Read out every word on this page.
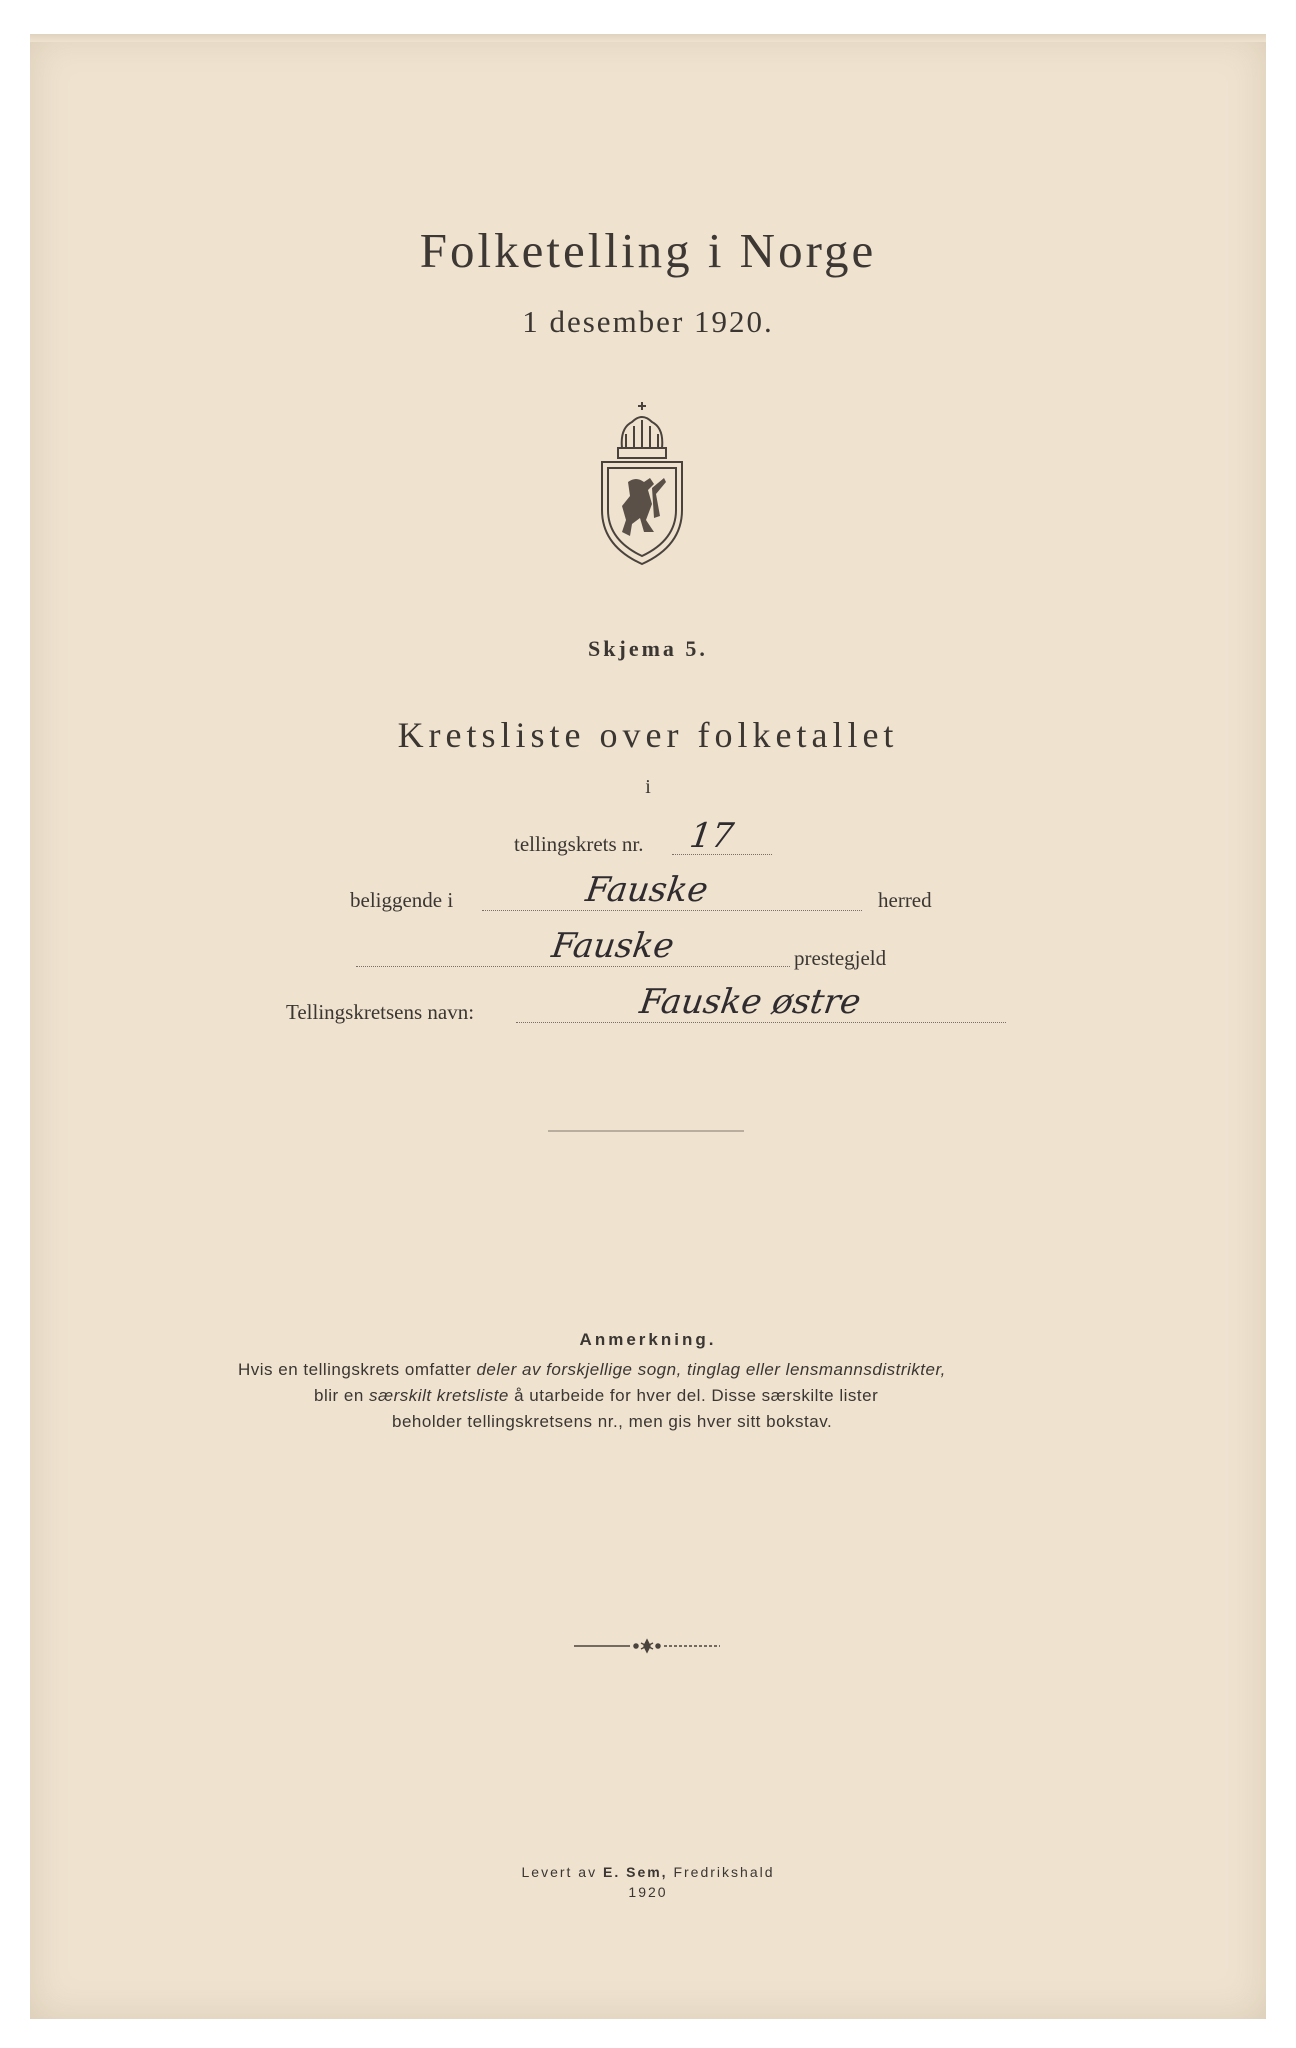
Folketelling i Norge
1 desember 1920.
Skjema 5.
Kretsliste over folketallet
i
tellingskrets nr. 17
beliggende i	Fauske	herred
Fauske	prestegjeld
Tellingskretsens navn:	Fauske østre
Anmerkning.
Hvis en tellingskrets omfatter deler av forskjellige sogn, tinglag eller lensmannsdistrikter,
blir en særskilt kretsliste å utarbeide for hver del. Disse særskilte lister
beholder tellingskretsens nr., men gis hver sitt bokstav.
Levert av E. Sem, Fredrikshald
1920
